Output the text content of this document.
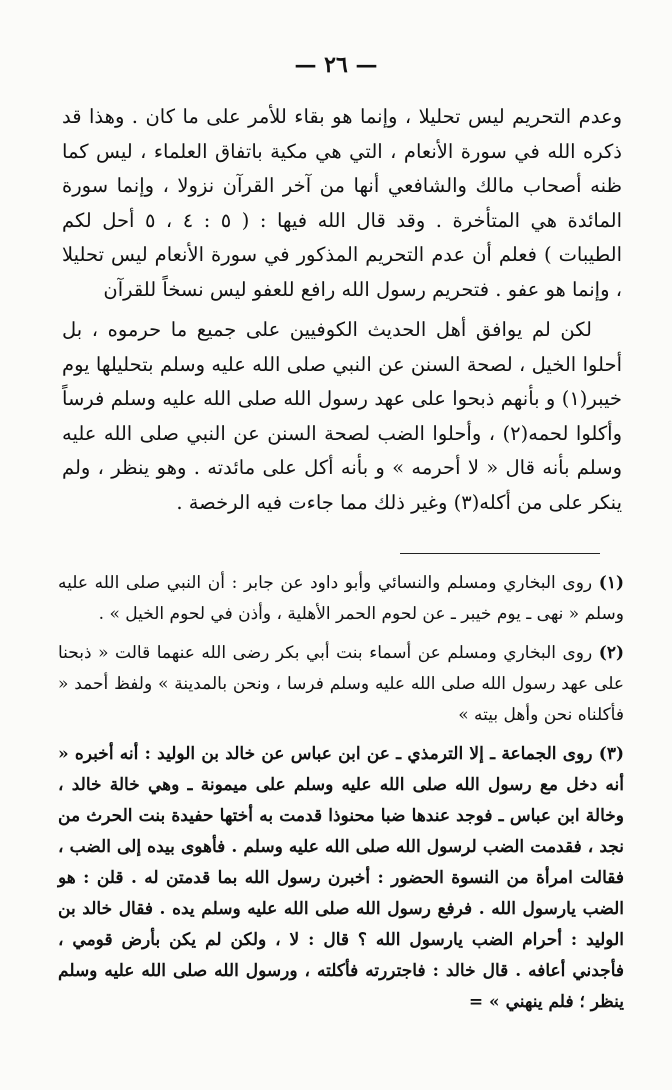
— ٢٦ —

وعدم التحريم ليس تحليلا ، وإنما هو بقاء للأمر على ما كان . وهذا قد ذكره الله في سورة الأنعام ، التي هي مكية باتفاق العلماء ، ليس كما ظنه أصحاب مالك والشافعي أنها من آخر القرآن نزولا ، وإنما سورة المائدة هي المتأخرة . وقد قال الله فيها : ( ٥ : ٤ ، ٥ أحل لكم الطيبات ) فعلم أن عدم التحريم المذكور في سورة الأنعام ليس تحليلا ، وإنما هو عفو . فتحريم رسول الله رافع للعفو ليس نسخاً للقرآن

لكن لم يوافق أهل الحديث الكوفيين على جميع ما حرموه ، بل أحلوا الخيل ، لصحة السنن عن النبي صلى الله عليه وسلم بتحليلها يوم خيبر(١) و بأنهم ذبحوا على عهد رسول الله صلى الله عليه وسلم فرساً وأكلوا لحمه(٢) ، وأحلوا الضب لصحة السنن عن النبي صلى الله عليه وسلم بأنه قال « لا أحرمه » و بأنه أكل على مائدته . وهو ينظر ، ولم ينكر على من أكله(٣) وغير ذلك مما جاءت فيه الرخصة .

(١) روى البخاري ومسلم والنسائي وأبو داود عن جابر : أن النبي صلى الله عليه وسلم « نهى ـ يوم خيبر ـ عن لحوم الحمر الأهلية ، وأذن في لحوم الخيل » .

(٢) روى البخاري ومسلم عن أسماء بنت أبي بكر رضى الله عنهما قالت « ذبحنا على عهد رسول الله صلى الله عليه وسلم فرسا ، ونحن بالمدينة » ولفظ أحمد « فأكلناه نحن وأهل بيته »

(٣) روى الجماعة ـ إلا الترمذي ـ عن ابن عباس عن خالد بن الوليد : أنه أخبره « أنه دخل مع رسول الله صلى الله عليه وسلم على ميمونة ـ وهي خالة خالد ، وخالة ابن عباس ـ فوجد عندها ضبا محنوذا قدمت به أختها حفيدة بنت الحرث من نجد ، فقدمت الضب لرسول الله صلى الله عليه وسلم . فأهوى بيده إلى الضب ، فقالت امرأة من النسوة الحضور : أخبرن رسول الله بما قدمتن له . قلن : هو الضب يارسول الله . فرفع رسول الله صلى الله عليه وسلم يده . فقال خالد بن الوليد : أحرام الضب يارسول الله ؟ قال : لا ، ولكن لم يكن بأرض قومي ، فأجدني أعافه . قال خالد : فاجتررته فأكلته ، ورسول الله صلى الله عليه وسلم ينظر ؛ فلم ينهني » =
